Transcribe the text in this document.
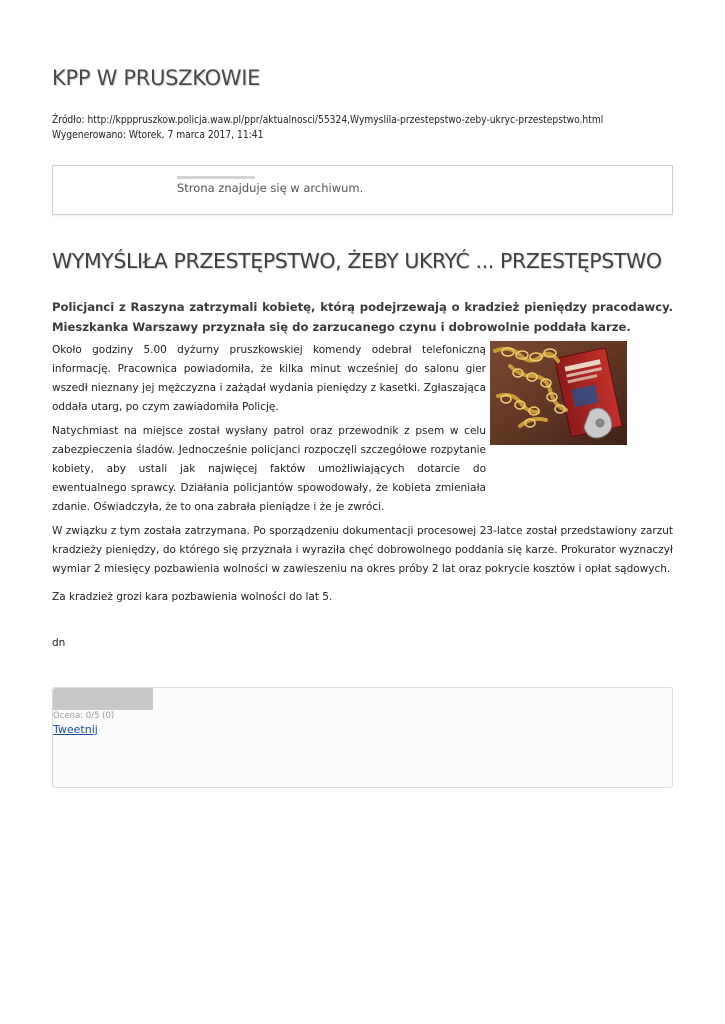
KPP W PRUSZKOWIE
Źródło: http://kpppruszkow.policja.waw.pl/ppr/aktualnosci/55324,Wymyslila-przestepstwo-zeby-ukryc-przestepstwo.html
Wygenerowano: Wtorek, 7 marca 2017, 11:41
Strona znajduje się w archiwum.
WYMYŚLIŁA PRZESTĘPSTWO, ŻEBY UKRYĆ ... PRZESTĘPSTWO
Policjanci z Raszyna zatrzymali kobietę, którą podejrzewają o kradzież pieniędzy pracodawcy. Mieszkanka Warszawy przyznała się do zarzucanego czynu i dobrowolnie poddała karze.

Około godziny 5.00 dyżurny pruszkowskiej komendy odebrał telefoniczną informację. Pracownica powiadomiła, że kilka minut wcześniej do salonu gier wszedł nieznany jej mężczyzna i zażądał wydania pieniędzy z kasetki. Zgłaszająca oddała utarg, po czym zawiadomiła Policję.

Natychmiast na miejsce został wysłany patrol oraz przewodnik z psem w celu zabezpieczenia śladów. Jednocześnie policjanci rozpoczęli szczegółowe rozpytanie kobiety, aby ustali jak najwięcej faktów umożliwiających dotarcie do ewentualnego sprawcy. Działania policjantów spowodowały, że kobieta zmieniała zdanie. Oświadczyła, że to ona zabrała pieniądze i że je zwróci.

W związku z tym została zatrzymana. Po sporządzeniu dokumentacji procesowej 23-latce został przedstawiony zarzut kradzieży pieniędzy, do którego się przyznała i wyraziła chęć dobrowolnego poddania się karze. Prokurator wyznaczył wymiar 2 miesięcy pozbawienia wolności w zawieszeniu na okres próby 2 lat oraz pokrycie kosztów i opłat sądowych.

Za kradzież grozi kara pozbawienia wolności do lat 5.

dn

Ocena: 0/5 (0)
Tweetnij
